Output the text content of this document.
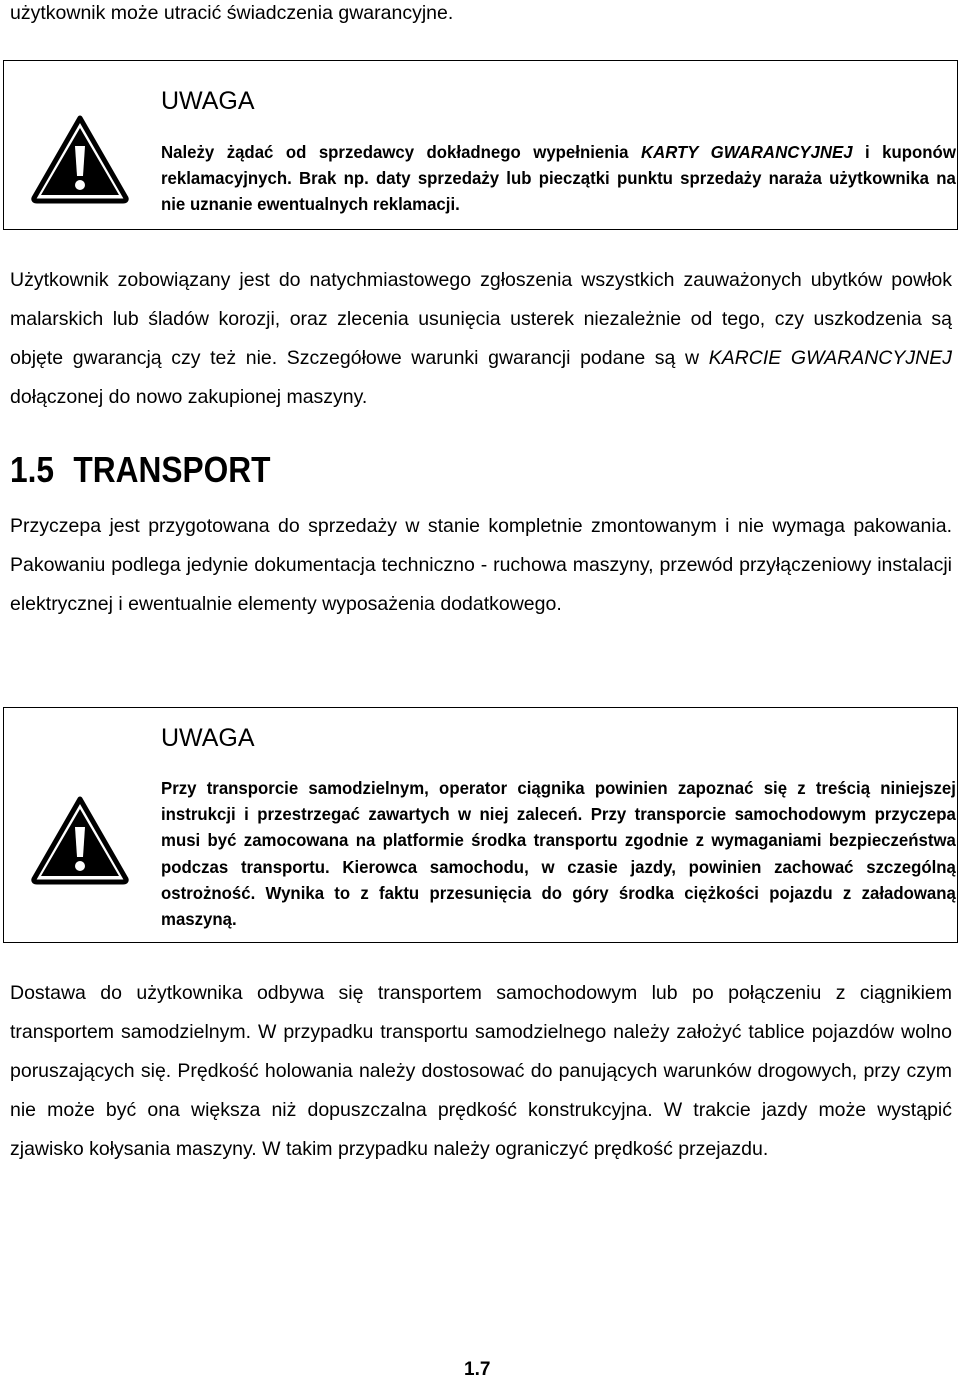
użytkownik może utracić świadczenia gwarancyjne.

UWAGA

Należy żądać od sprzedawcy dokładnego wypełnienia KARTY GWARANCYJNEJ i kuponów reklamacyjnych. Brak np. daty sprzedaży lub pieczątki punktu sprzedaży naraża użytkownika na nie uznanie ewentualnych reklamacji.

Użytkownik zobowiązany jest do natychmiastowego zgłoszenia wszystkich zauważonych ubytków powłok malarskich lub śladów korozji, oraz zlecenia usunięcia usterek niezależnie od tego, czy uszkodzenia są objęte gwarancją czy też nie. Szczegółowe warunki gwarancji podane są w KARCIE GWARANCYJNEJ dołączonej do nowo zakupionej maszyny.

1.5 TRANSPORT

Przyczepa jest przygotowana do sprzedaży w stanie kompletnie zmontowanym i nie wymaga pakowania. Pakowaniu podlega jedynie dokumentacja techniczno - ruchowa maszyny, przewód przyłączeniowy instalacji elektrycznej i ewentualnie elementy wyposażenia dodatkowego.

UWAGA

Przy transporcie samodzielnym, operator ciągnika powinien zapoznać się z treścią niniejszej instrukcji i przestrzegać zawartych w niej zaleceń. Przy transporcie samochodowym przyczepa musi być zamocowana na platformie środka transportu zgodnie z wymaganiami bezpieczeństwa podczas transportu. Kierowca samochodu, w czasie jazdy, powinien zachować szczególną ostrożność. Wynika to z faktu przesunięcia do góry środka ciężkości pojazdu z załadowaną maszyną.

Dostawa do użytkownika odbywa się transportem samochodowym lub po połączeniu z ciągnikiem transportem samodzielnym. W przypadku transportu samodzielnego należy założyć tablice pojazdów wolno poruszających się. Prędkość holowania należy dostosować do panujących warunków drogowych, przy czym nie może być ona większa niż dopuszczalna prędkość konstrukcyjna. W trakcie jazdy może wystąpić zjawisko kołysania maszyny. W takim przypadku należy ograniczyć prędkość przejazdu.

1.7
